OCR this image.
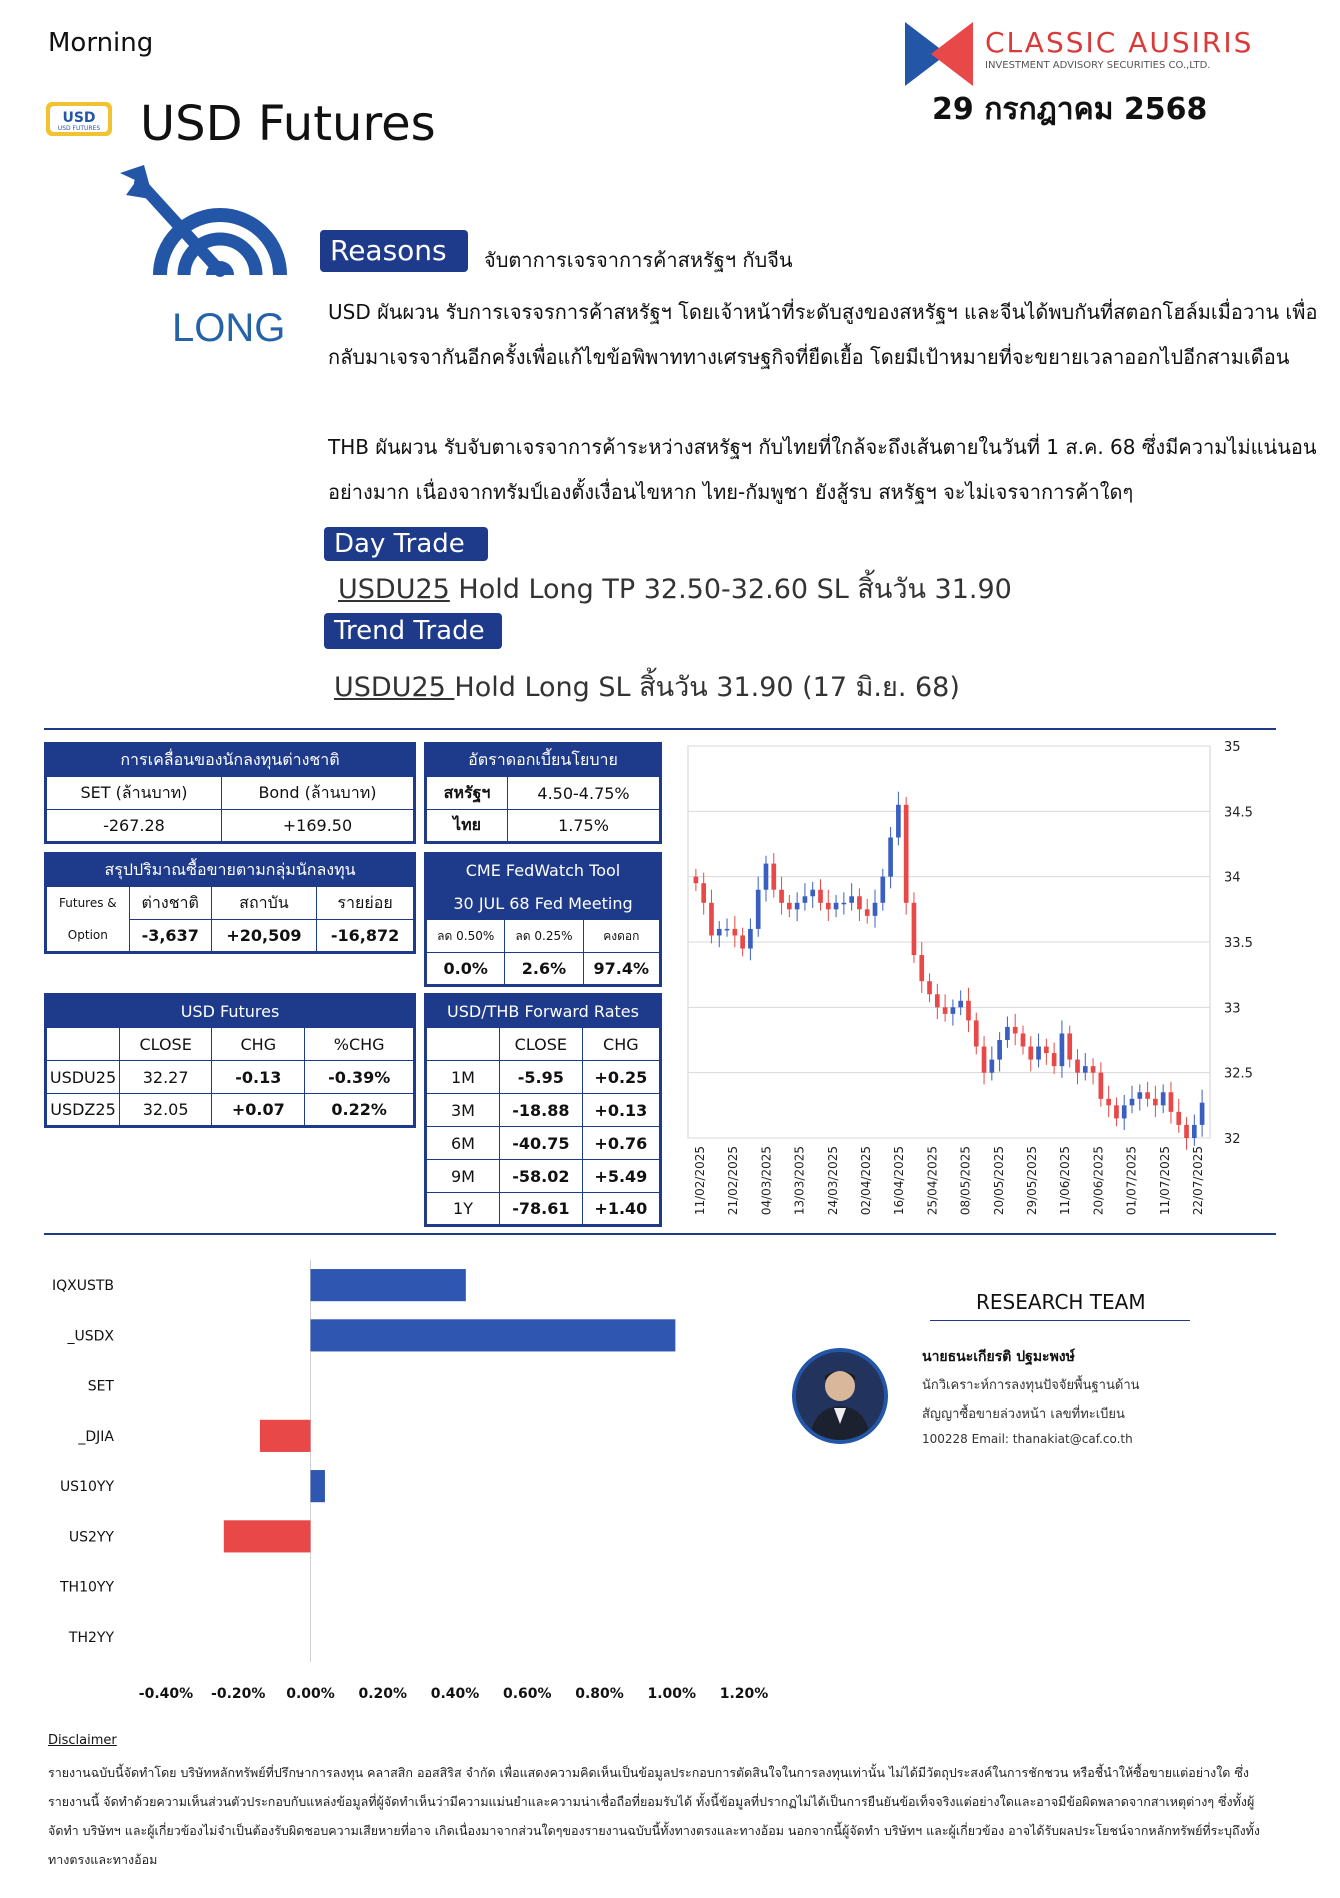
Morning
USD
USD FUTURES USD Futures
CLASSIC AUSIRIS
INVESTMENT ADVISORY SECURITIES CO.,LTD.
29 กรกฎาคม 2568
LONG
Reasons	จับตาการเจรจาการค้าสหรัฐฯ กับจีน
USD ผันผวน รับการเจรจรการค้าสหรัฐฯ โดยเจ้าหน้าที่ระดับสูงของสหรัฐฯ และจีนได้พบกันที่สตอกโฮล์มเมื่อวาน เพื่อกลับมาเจรจากันอีกครั้งเพื่อแก้ไขข้อพิพาททางเศรษฐกิจที่ยืดเยื้อ โดยมีเป้าหมายที่จะขยายเวลาออกไปอีกสามเดือน
THB ผันผวน รับจับตาเจรจาการค้าระหว่างสหรัฐฯ กับไทยที่ใกล้จะถึงเส้นตายในวันที่ 1 ส.ค. 68 ซึ่งมีความไม่แน่นอนอย่างมาก เนื่องจากทรัมป์เองตั้งเงื่อนไขหาก ไทย-กัมพูชา ยังสู้รบ สหรัฐฯ จะไม่เจรจาการค้าใดๆ
Day Trade
USDU25 Hold Long TP 32.50-32.60 SL สิ้นวัน 31.90
Trend Trade
USDU25 Hold Long SL สิ้นวัน 31.90 (17 มิ.ย. 68)
การเคลื่อนของนักลงทุนต่างชาติ	
SET (ล้านบาท)	Bond (ล้านบาท)
-267.28	+169.50
อัตราดอกเบี้ยนโยบาย	
สหรัฐฯ	4.50-4.75%
ไทย	1.75%
สรุปปริมาณซื้อขายตามกลุ่มนักลงทุน			
Futures &	ต่างชาติ	สถาบัน	รายย่อย
Option	-3,637	+20,509	-16,872
CME FedWatch Tool		
30 JUL 68 Fed Meeting		
ลด 0.50%	ลด 0.25%	คงดอก
0.0%	2.6%	97.4%
USD Futures			
	CLOSE	CHG	%CHG
USDU25	32.27	-0.13	-0.39%
USDZ25	32.05	+0.07	0.22%
USD/THB Forward Rates		
	CLOSE	CHG
1M	-5.95	+0.25
3M	-18.88	+0.13
6M	-40.75	+0.76
9M	-58.02	+5.49
1Y	-78.61	+1.40
35
34.5
34
33.5
33
32.5
32
11/02/2025 21/02/2025 04/03/2025 13/03/2025 24/03/2025 02/04/2025 16/04/2025 25/04/2025 08/05/2025 20/05/2025 29/05/2025 11/06/2025 20/06/2025 01/07/2025 11/07/2025 22/07/2025
IQXUSTB
_USDX
SET
_DJIA
US10YY
US2YY
TH10YY
TH2YY
-0.40% -0.20% 0.00% 0.20% 0.40% 0.60% 0.80% 1.00% 1.20%
RESEARCH TEAM
นายธนะเกียรติ ปฐมะพงษ์
นักวิเคราะห์การลงทุนปัจจัยพื้นฐานด้าน
สัญญาซื้อขายล่วงหน้า เลขที่ทะเบียน
100228 Email: thanakiat@caf.co.th
Disclaimer
รายงานฉบับนี้จัดทำโดย บริษัทหลักทรัพย์ที่ปรึกษาการลงทุน คลาสสิก ออสสิริส จำกัด เพื่อแสดงความคิดเห็นเป็นข้อมูลประกอบการตัดสินใจในการลงทุนเท่านั้น ไม่ได้มีวัตถุประสงค์ในการชักชวน หรือชี้นำให้ซื้อขายแต่อย่างใด ซึ่งรายงานนี้ จัดทำด้วยความเห็นส่วนตัวประกอบกับแหล่งข้อมูลที่ผู้จัดทำเห็นว่ามีความแม่นยำและความน่าเชื่อถือที่ยอมรับได้ ทั้งนี้ข้อมูลที่ปรากฏไม่ได้เป็นการยืนยันข้อเท็จจริงแต่อย่างใดและอาจมีข้อผิดพลาดจากสาเหตุต่างๆ ซึ่งทั้งผู้จัดทำ บริษัทฯ และผู้เกี่ยวข้องไม่จำเป็นต้องรับผิดชอบความเสียหายที่อาจ เกิดเนื่องมาจากส่วนใดๆของรายงานฉบับนี้ทั้งทางตรงและทางอ้อม นอกจากนี้ผู้จัดทำ บริษัทฯ และผู้เกี่ยวข้อง อาจได้รับผลประโยชน์จากหลักทรัพย์ที่ระบุถึงทั้งทางตรงและทางอ้อม
